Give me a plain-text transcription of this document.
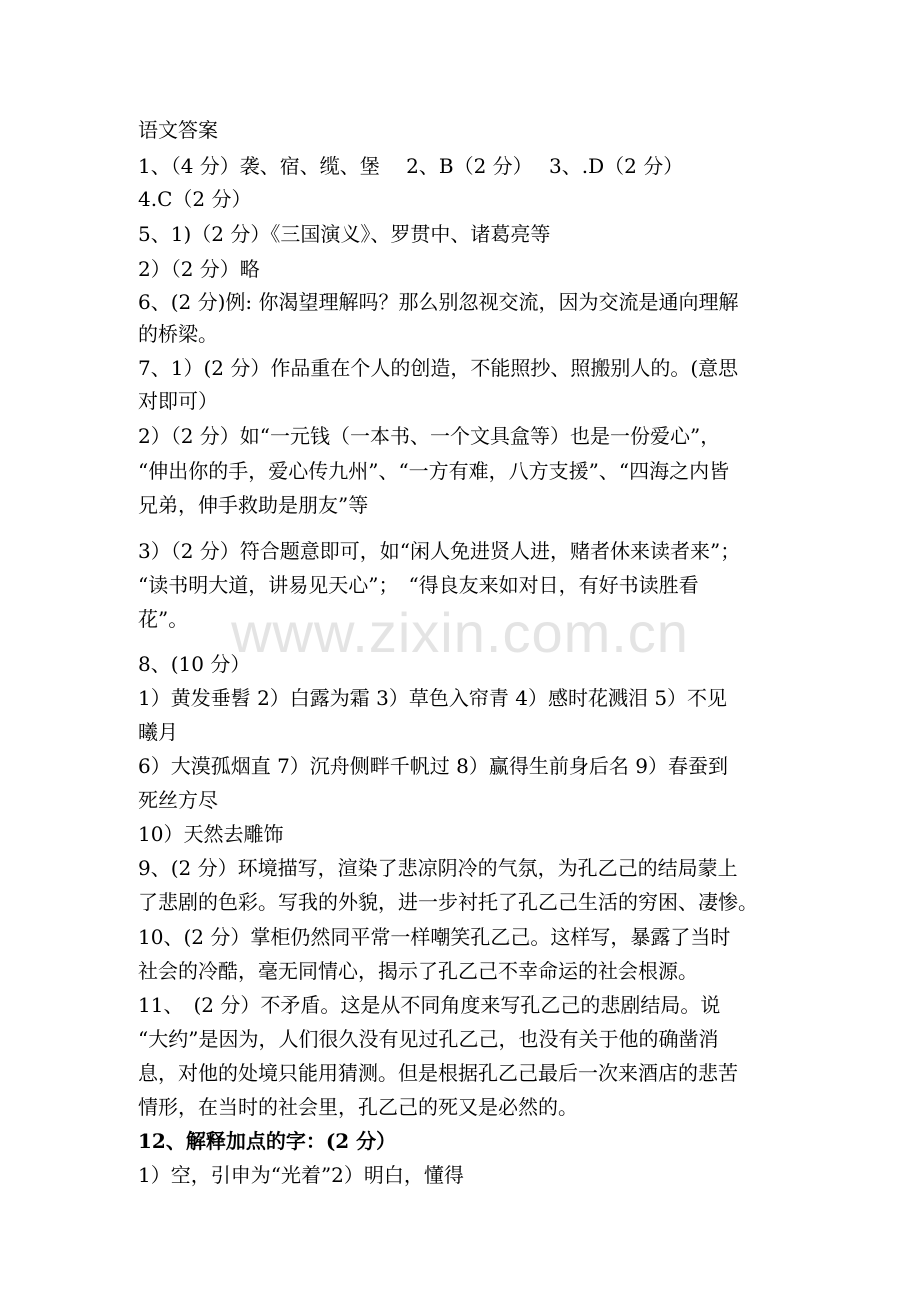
www.zixin.com.cn
语文答案
1、（4 分）袭、宿、缆、堡　 2、B（2 分）　 3、.D（2 分）
4.C（2 分）
5、1)（2 分）《三国演义》、罗贯中、诸葛亮等
2）（2 分）略
6、(2 分)例: 你渴望理解吗？那么别忽视交流，因为交流是通向理解
的桥梁。
7、1）(2 分）作品重在个人的创造，不能照抄、照搬别人的。(意思
对即可）
2）（2 分）如“一元钱（一本书、一个文具盒等）也是一份爱心”，
“伸出你的手，爱心传九州”、“一方有难，八方支援”、“四海之内皆
兄弟，伸手救助是朋友”等
3）（2 分）符合题意即可，如“闲人免进贤人进，赌者休来读者来”；
“读书明大道，讲易见天心”；　“得良友来如对日，有好书读胜看
花”。
8、(10 分）
1）黄发垂髫 2）白露为霜 3）草色入帘青 4）感时花溅泪 5）不见
曦月
6）大漠孤烟直 7）沉舟侧畔千帆过 8）赢得生前身后名 9）春蚕到
死丝方尽
10）天然去雕饰
9、(2 分）环境描写，渲染了悲凉阴冷的气氛，为孔乙己的结局蒙上
了悲剧的色彩。写我的外貌，进一步衬托了孔乙己生活的穷困、凄惨。
10、(2 分）掌柜仍然同平常一样嘲笑孔乙己。这样写，暴露了当时
社会的冷酷，毫无同情心，揭示了孔乙己不幸命运的社会根源。
11、　(2 分）不矛盾。这是从不同角度来写孔乙己的悲剧结局。说
“大约”是因为，人们很久没有见过孔乙己，也没有关于他的确凿消
息，对他的处境只能用猜测。但是根据孔乙己最后一次来酒店的悲苦
情形，在当时的社会里，孔乙己的死又是必然的。
12、解释加点的字：(2 分）
1）空，引申为“光着”2）明白，懂得
